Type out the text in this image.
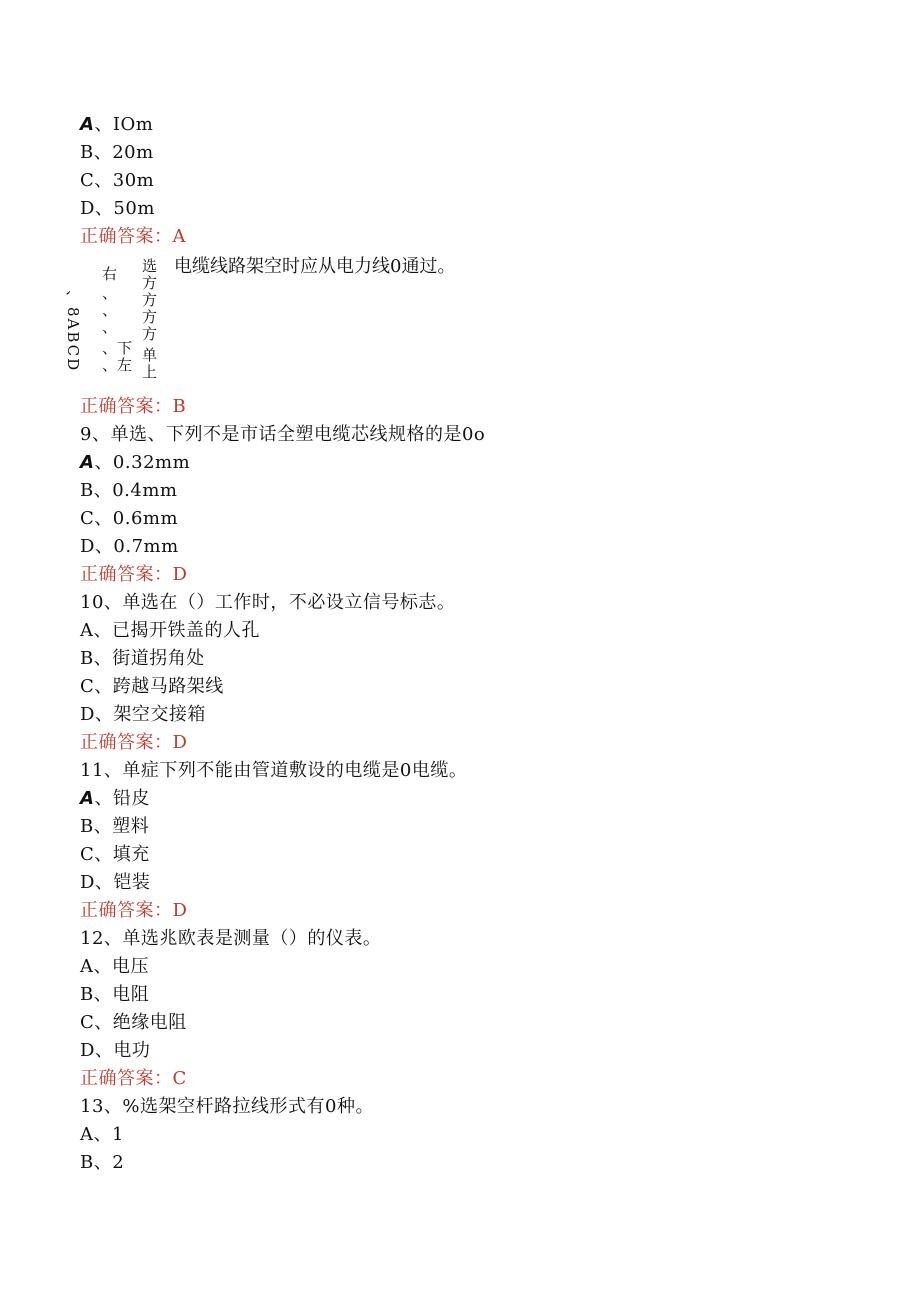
A、IOm
B、20m
C、30m
D、50m
正确答案：A
、8ABCD
右
、
、
、
、下
、左
选
方
方
方
方
单
上
电缆线路架空时应从电力线0通过。
正确答案：B
9、单选、下列不是市话全塑电缆芯线规格的是0o
A、0.32mm
B、0.4mm
C、0.6mm
D、0.7mm
正确答案：D
10、单选在（）工作时，不必设立信号标志。
A、已揭开铁盖的人孔
B、街道拐角处
C、跨越马路架线
D、架空交接箱
正确答案：D
11、单症下列不能由管道敷设的电缆是0电缆。
A、铅皮
B、塑料
C、填充
D、铠装
正确答案：D
12、单选兆欧表是测量（）的仪表。
A、电压
B、电阻
C、绝缘电阻
D、电功
正确答案：C
13、%选架空杆路拉线形式有0种。
A、1
B、2
